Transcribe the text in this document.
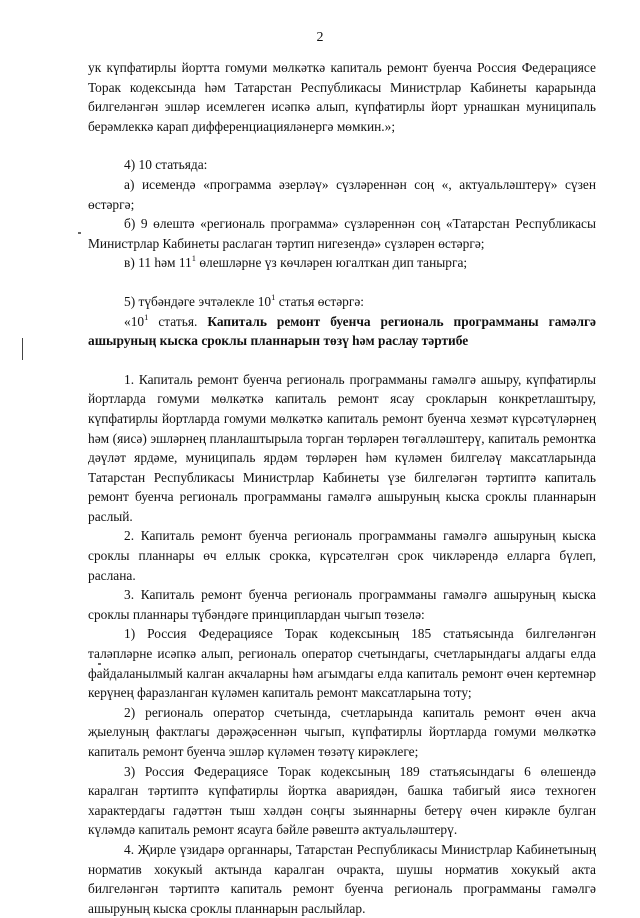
2

ук күпфатирлы йортта гомуми мөлкәткә капиталь ремонт буенча Россия Федерациясе Торак кодексында һәм Татарстан Республикасы Министрлар Кабинеты карарында билгеләнгән эшләр исемлеген исәпкә алып, күпфатирлы йорт урнашкан муниципаль берәмлеккә карап дифференциацияләнергә мөмкин.»;

4) 10 статьяда:

а) исемендә «программа әзерләү» сүзләреннән соң «, актуальләштерү» сүзен өстәргә;

б) 9 өлештә «региональ программа» сүзләреннән соң «Татарстан Республикасы Министрлар Кабинеты раслаган тәртип нигезендә» сүзләрен өстәргә;

в) 11 һәм $11^1$ өлешләрне үз көчләрен югалткан дип танырга;

5) түбәндәге эчтәлекле $10^1$ статья өстәргә:

«$10^1$ статья. Капиталь ремонт буенча региональ программаны гамәлгә ашыруның кыска сроклы планнарын төзү һәм раслау тәртибе

1. Капиталь ремонт буенча региональ программаны гамәлгә ашыру, күпфатирлы йортларда гомуми мөлкәткә капиталь ремонт ясау срокларын конкретлаштыру, күпфатирлы йортларда гомуми мөлкәткә капиталь ремонт буенча хезмәт күрсәтүләрнең һәм (яисә) эшләрнең планлаштырыла торган төрләрен төгәлләштерү, капиталь ремонтка дәүләт ярдәме, муниципаль ярдәм төрләрен һәм күләмен билгеләү максатларында Татарстан Республикасы Министрлар Кабинеты үзе билгеләгән тәртиптә капиталь ремонт буенча региональ программаны гамәлгә ашыруның кыска сроклы планнарын раслый.

2. Капиталь ремонт буенча региональ программаны гамәлгә ашыруның кыска сроклы планнары өч еллык срокка, күрсәтелгән срок чикләрендә елларга бүлеп, раслана.

3. Капиталь ремонт буенча региональ программаны гамәлгә ашыруның кыска сроклы планнары түбәндәге принциплардан чыгып төзелә:

1) Россия Федерациясе Торак кодексының 185 статьясында билгеләнгән таләпләрне исәпкә алып, региональ оператор счетындагы, счетларындагы алдагы елда файдаланылмый калган акчаларны һәм агымдагы елда капиталь ремонт өчен кертемнәр керүнең фаразланган күләмен капиталь ремонт максатларына тоту;

2) региональ оператор счетында, счетларында капиталь ремонт өчен акча җыелуның фактлагы дәрәҗәсеннән чыгып, күпфатирлы йортларда гомуми мөлкәткә капиталь ремонт буенча эшләр күләмен төзәтү кирәклеге;

3) Россия Федерациясе Торак кодексының 189 статьясындагы 6 өлешендә каралган тәртиптә күпфатирлы йортка авариядән, башка табигый яисә техноген характердагы гадәттән тыш хәлдән соңгы зыяннарны бетерү өчен кирәкле булган күләмдә капиталь ремонт ясауга бәйле рәвештә актуальләштерү.

4. Җирле үзидарә органнары, Татарстан Республикасы Министрлар Кабинетының норматив хокукый актында каралган очракта, шушы норматив хокукый акта билгеләнгән тәртиптә капиталь ремонт буенча региональ программаны гамәлгә ашыруның кыска сроклы планнарын раслыйлар.
